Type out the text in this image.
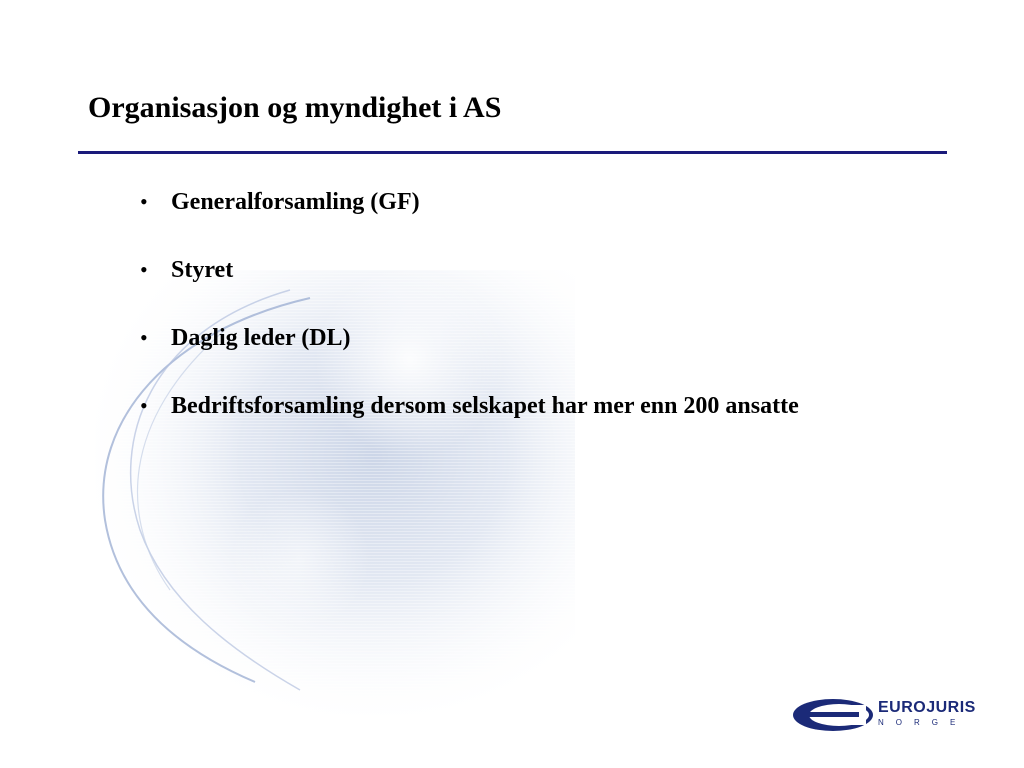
Organisasjon og myndighet i AS
• Generalforsamling (GF)
• Styret
• Daglig leder (DL)
• Bedriftsforsamling dersom selskapet har mer enn 200 ansatte
EUROJURIS
NORGE
